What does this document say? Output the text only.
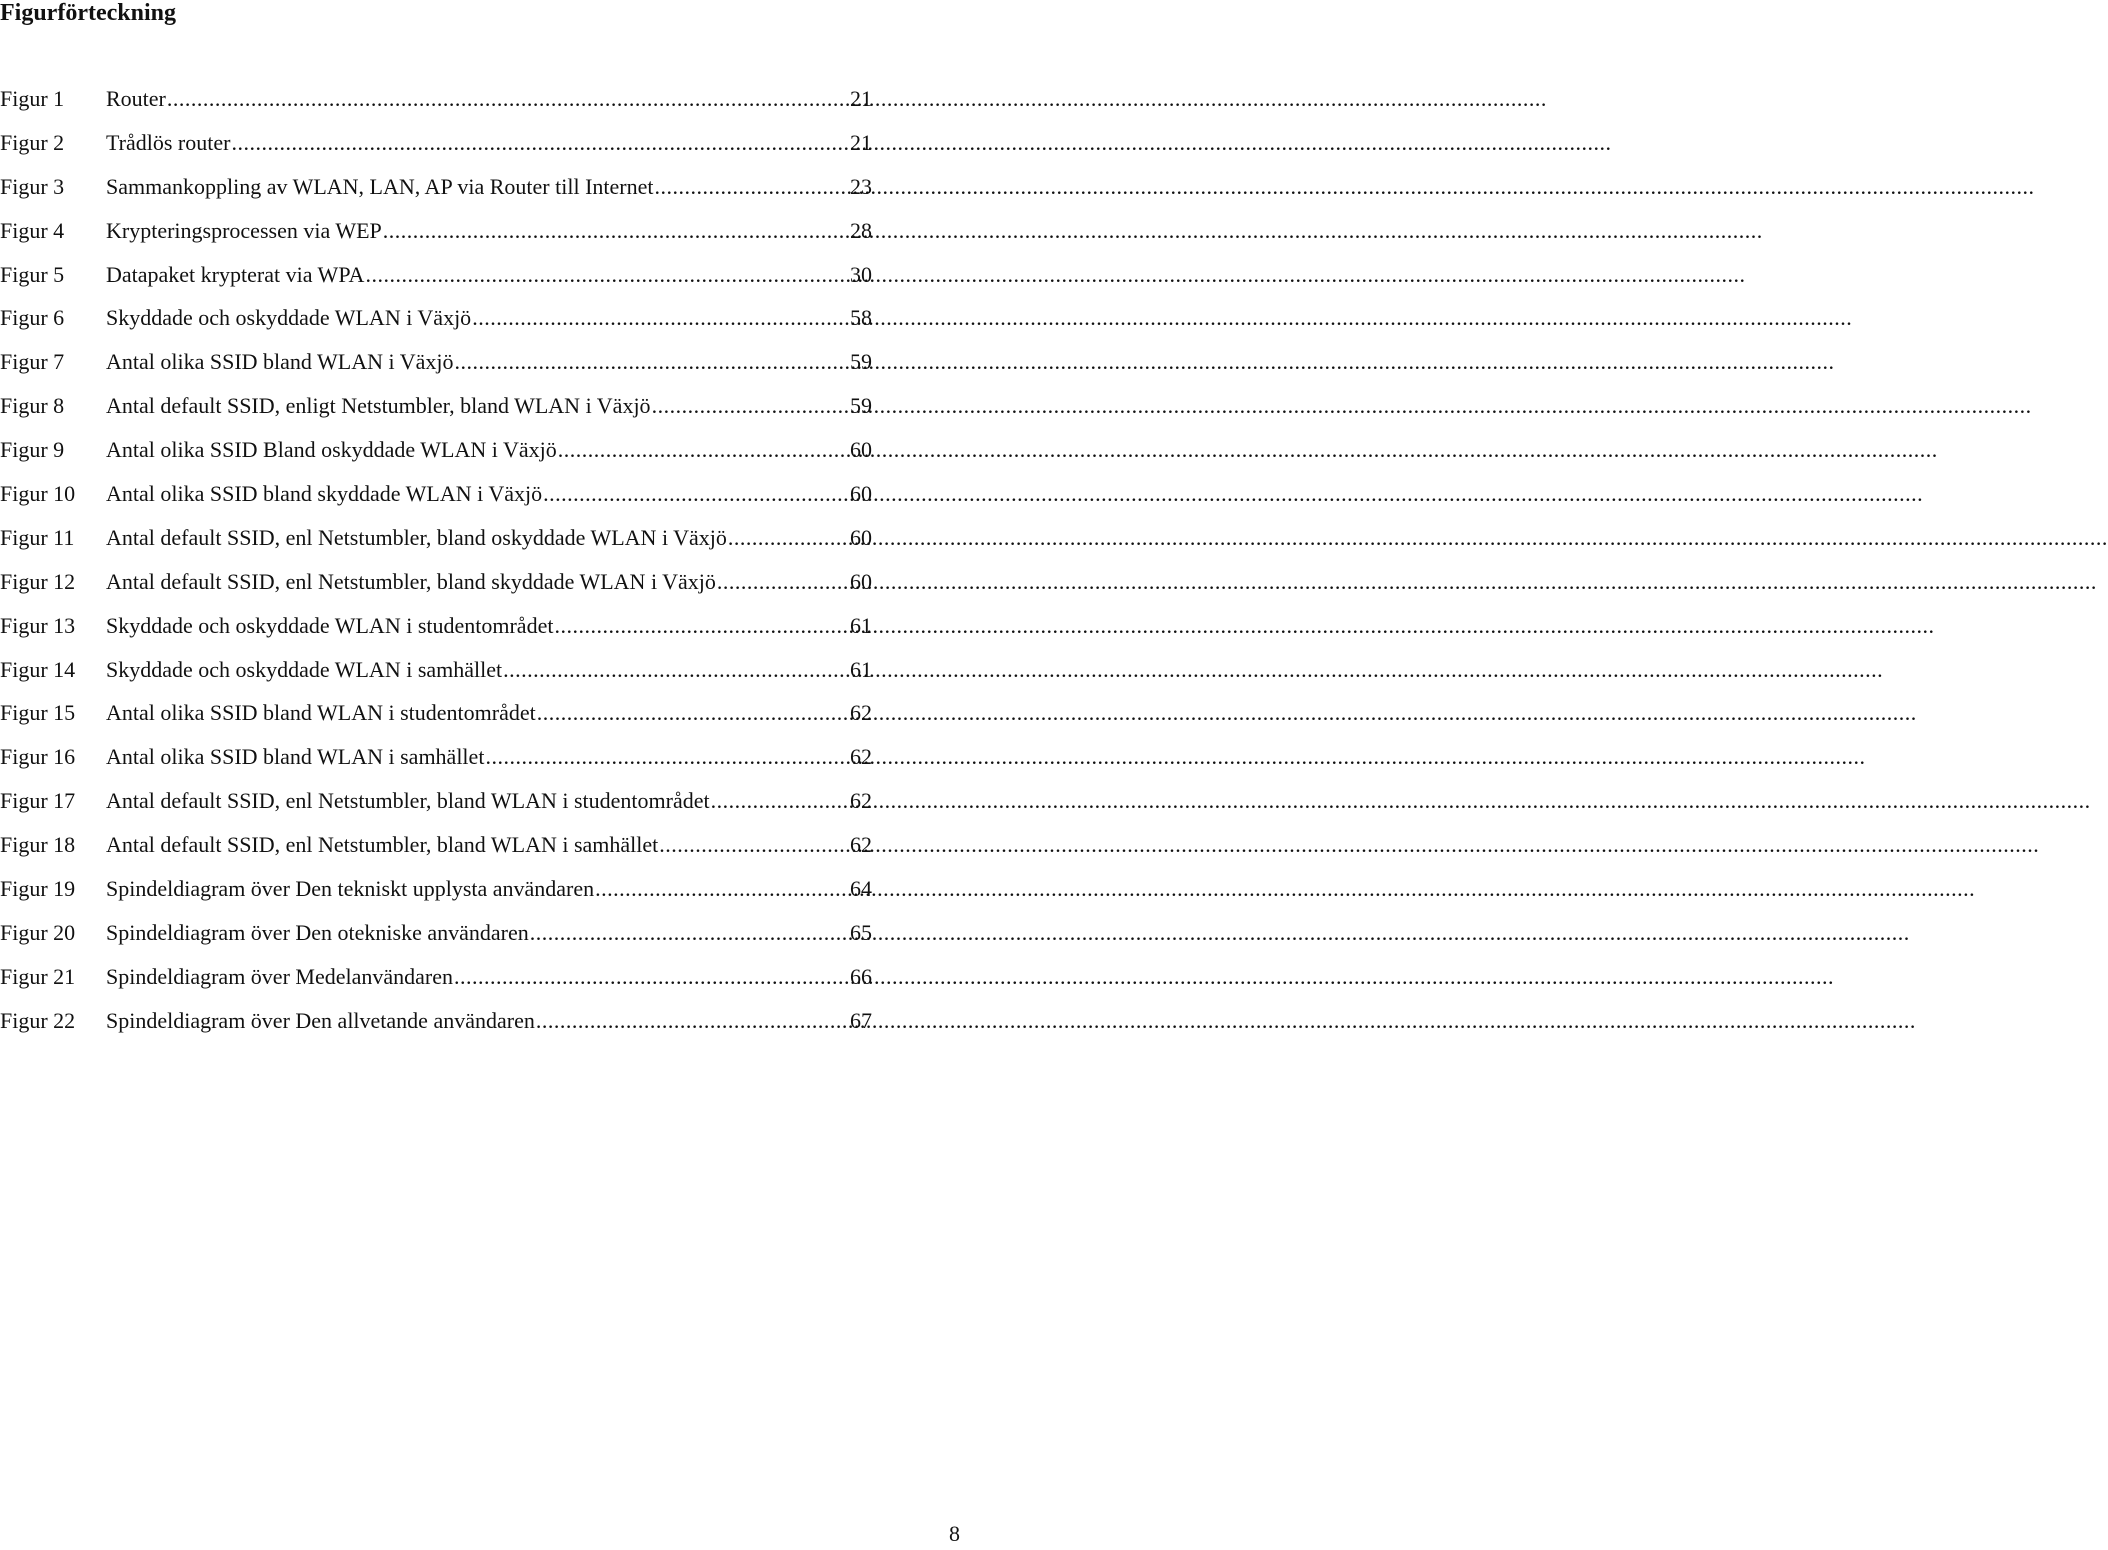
Figurförteckning
Figur 1	Router .....	21
Figur 2	Trådlös router .....	21
Figur 3	Sammankoppling av WLAN, LAN, AP via Router till Internet .....	23
Figur 4	Krypteringsprocessen via WEP .....	28
Figur 5	Datapaket krypterat via WPA .....	30
Figur 6	Skyddade och oskyddade WLAN i Växjö .....	58
Figur 7	Antal olika SSID bland WLAN i Växjö .....	59
Figur 8	Antal default SSID, enligt Netstumbler, bland WLAN i Växjö .....	59
Figur 9	Antal olika SSID Bland oskyddade WLAN i Växjö .....	60
Figur 10	Antal olika SSID bland skyddade WLAN i Växjö .....	60
Figur 11	Antal default SSID, enl Netstumbler, bland oskyddade WLAN i Växjö .....	60
Figur 12	Antal default SSID, enl Netstumbler, bland skyddade WLAN i Växjö .....	60
Figur 13	Skyddade och oskyddade WLAN i studentområdet .....	61
Figur 14	Skyddade och oskyddade WLAN i samhället .....	61
Figur 15	Antal olika SSID bland WLAN i studentområdet .....	62
Figur 16	Antal olika SSID bland WLAN i samhället .....	62
Figur 17	Antal default SSID, enl Netstumbler, bland WLAN i studentområdet .....	62
Figur 18	Antal default SSID, enl Netstumbler, bland WLAN i samhället .....	62
Figur 19	Spindeldiagram över Den tekniskt upplysta användaren .....	64
Figur 20	Spindeldiagram över Den otekniske användaren .....	65
Figur 21	Spindeldiagram över Medelanvändaren .....	66
Figur 22	Spindeldiagram över Den allvetande användaren .....	67
8
